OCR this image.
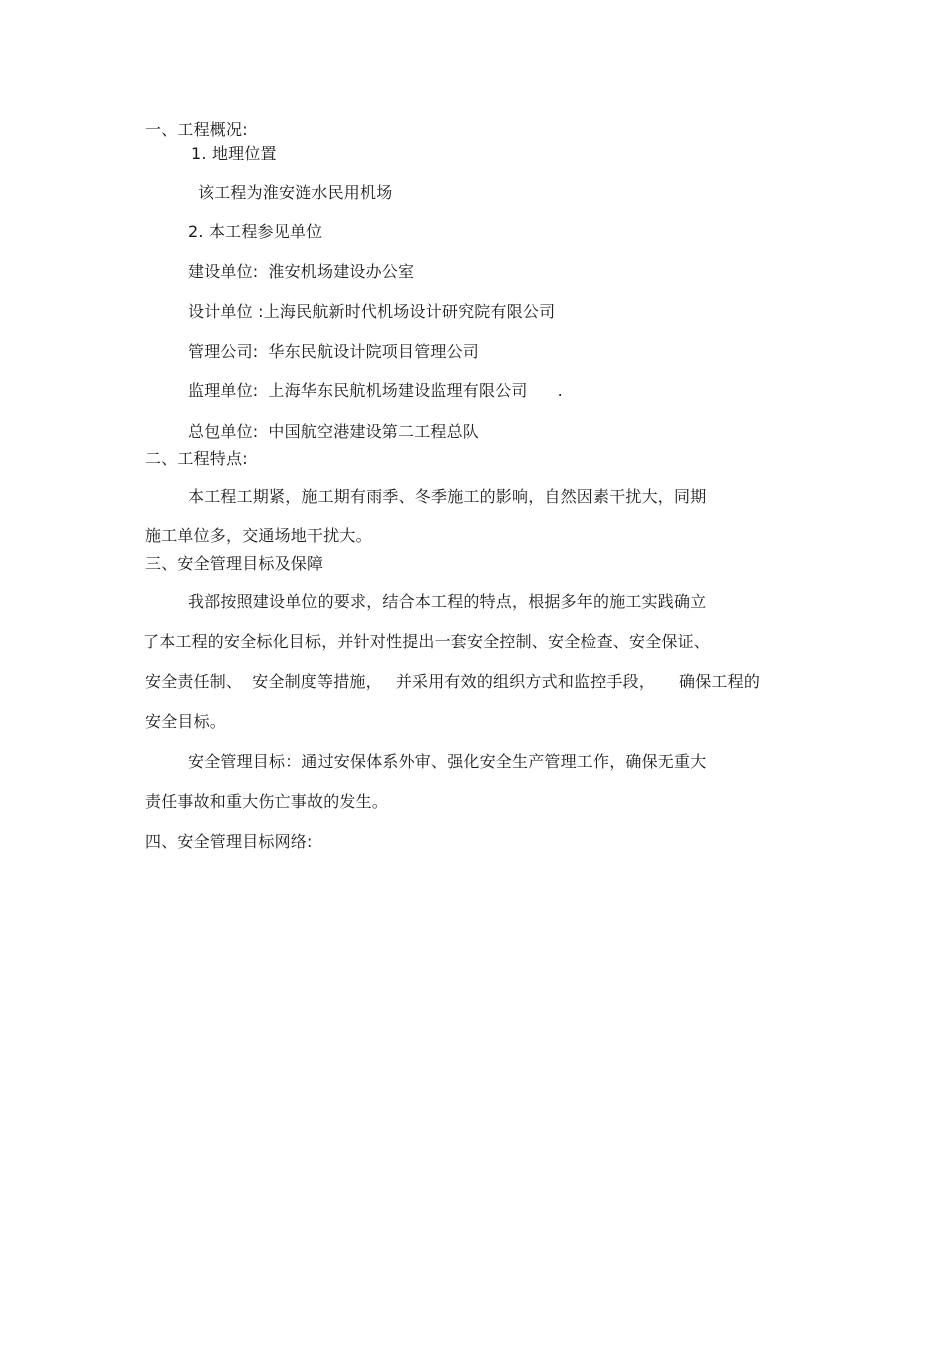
一、工程概况:
1. 地理位置
该工程为淮安涟水民用机场
2. 本工程参见单位
建设单位: 淮安机场建设办公室
设计单位 :上海民航新时代机场设计研究院有限公司
管理公司: 华东民航设计院项目管理公司
监理单位: 上海华东民航机场建设监理有限公司 .
总包单位: 中国航空港建设第二工程总队
二、工程特点:
本工程工期紧，施工期有雨季、冬季施工的影响，自然因素干扰大，同期
施工单位多，交通场地干扰大。
三、安全管理目标及保障
我部按照建设单位的要求，结合本工程的特点，根据多年的施工实践确立
了本工程的安全标化目标，并针对性提出一套安全控制、安全检查、安全保证、
安全责任制、 安全制度等措施， 并采用有效的组织方式和监控手段， 确保工程的
安全目标。
安全管理目标：通过安保体系外审、强化安全生产管理工作，确保无重大
责任事故和重大伤亡事故的发生。
四、安全管理目标网络:
